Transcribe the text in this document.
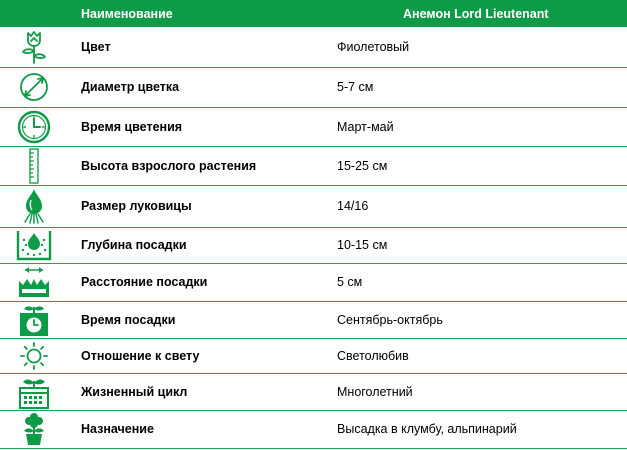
	Наименование	Анемон Lord Lieutenant

	Цвет	Фиолетовый

	Диаметр цветка	5-7 см

	Время цветения	Март-май

	Высота взрослого растения	15-25 см

	Размер луковицы	14/16

	Глубина посадки	10-15 см

	Расстояние посадки	5 см

	Время посадки	Сентябрь-октябрь

	Отношение к свету	Светолюбив

	Жизненный цикл	Многолетний

	Назначение	Высадка в клумбу, альпинарий
